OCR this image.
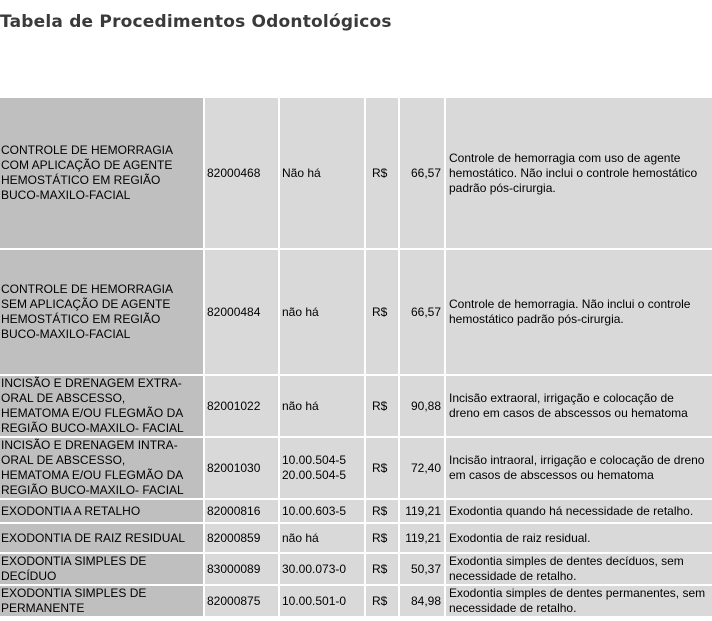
Tabela de Procedimentos Odontológicos
CONTROLE DE HEMORRAGIA
COM APLICAÇÃO DE AGENTE
HEMOSTÁTICO EM REGIÃO
BUCO-MAXILO-FACIAL	82000468	Não há	R$	66,57	Controle de hemorragia com uso de agente
hemostático. Não inclui o controle hemostático
padrão pós-cirurgia.

CONTROLE DE HEMORRAGIA
SEM APLICAÇÃO DE AGENTE
HEMOSTÁTICO EM REGIÃO
BUCO-MAXILO-FACIAL	82000484	não há	R$	66,57	Controle de hemorragia. Não inclui o controle
hemostático padrão pós-cirurgia.

INCISÃO E DRENAGEM EXTRA-
ORAL DE ABSCESSO,
HEMATOMA E/OU FLEGMÃO DA
REGIÃO BUCO-MAXILO- FACIAL	82001022	não há	R$	90,88	Incisão extraoral, irrigação e colocação de
dreno em casos de abscessos ou hematoma

INCISÃO E DRENAGEM INTRA-
ORAL DE ABSCESSO,
HEMATOMA E/OU FLEGMÃO DA
REGIÃO BUCO-MAXILO- FACIAL	82001030	10.00.504-5
20.00.504-5	R$	72,40	Incisão intraoral, irrigação e colocação de dreno
em casos de abscessos ou hematoma

EXODONTIA A RETALHO	82000816	10.00.603-5	R$	119,21	Exodontia quando há necessidade de retalho.

EXODONTIA DE RAIZ RESIDUAL	82000859	não há	R$	119,21	Exodontia de raiz residual.

EXODONTIA SIMPLES DE
DECÍDUO	83000089	30.00.073-0	R$	50,37	Exodontia simples de dentes decíduos, sem
necessidade de retalho.

EXODONTIA SIMPLES DE
PERMANENTE	82000875	10.00.501-0	R$	84,98	Exodontia simples de dentes permanentes, sem
necessidade de retalho.
